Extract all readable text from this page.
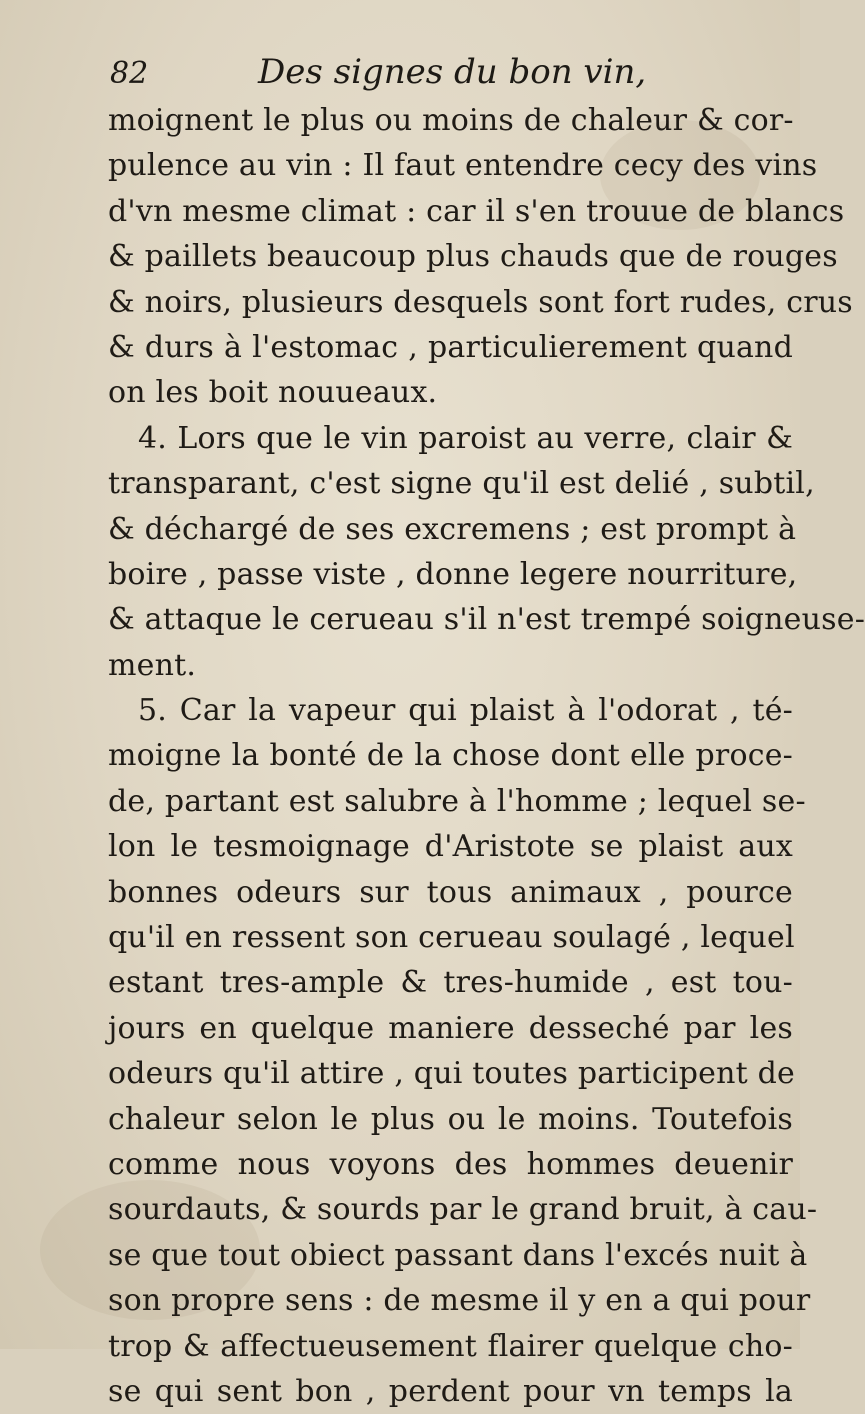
82	Des signes du bon vin,
moignent le plus ou moins de chaleur & cor-
pulence au vin : Il faut entendre cecy des vins
d'vn mesme climat : car il s'en trouue de blancs
& paillets beaucoup plus chauds que de rouges
& noirs, plusieurs desquels sont fort rudes, crus
& durs à l'estomac , particulierement quand
on les boit nouueaux.
4. Lors que le vin paroist au verre, clair &
transparant, c'est signe qu'il est delié , subtil,
& déchargé de ses excremens ; est prompt à
boire , passe viste , donne legere nourriture,
& attaque le cerueau s'il n'est trempé soigneuse-
ment.
5. Car la vapeur qui plaist à l'odorat , té-
moigne la bonté de la chose dont elle proce-
de, partant est salubre à l'homme ; lequel se-
lon le tesmoignage d'Aristote se plaist aux
bonnes odeurs sur tous animaux , pource
qu'il en ressent son cerueau soulagé , lequel
estant tres-ample & tres-humide , est tou-
jours en quelque maniere desseché par les
odeurs qu'il attire , qui toutes participent de
chaleur selon le plus ou le moins. Toutefois
comme nous voyons des hommes deuenir
sourdauts, & sourds par le grand bruit, à cau-
se que tout obiect passant dans l'excés nuit à
son propre sens : de mesme il y en a qui pour
trop & affectueusement flairer quelque cho-
se qui sent bon , perdent pour vn temps la
